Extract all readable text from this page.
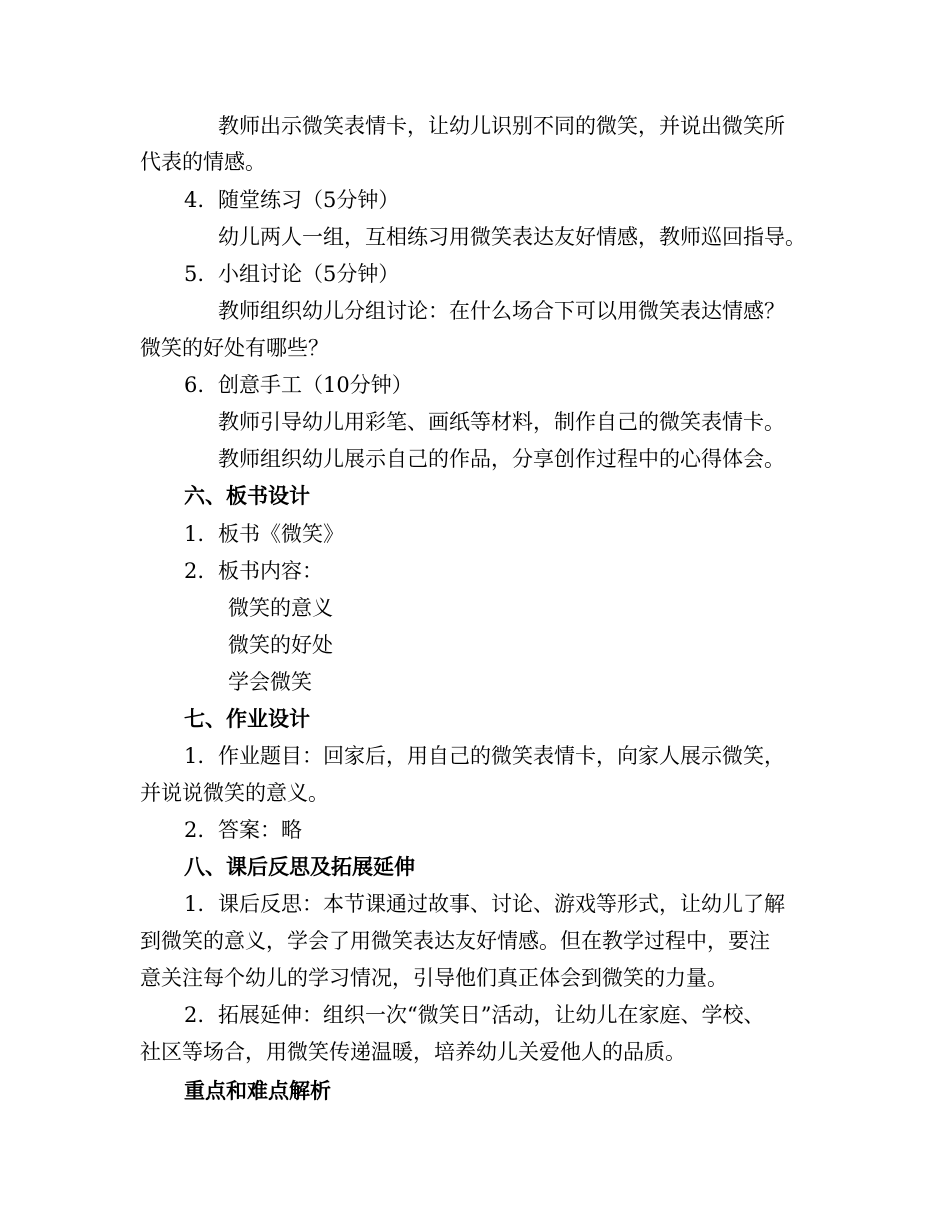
教师出示微笑表情卡，让幼儿识别不同的微笑，并说出微笑所
代表的情感。
4. 随堂练习（5分钟）
幼儿两人一组，互相练习用微笑表达友好情感，教师巡回指导。
5. 小组讨论（5分钟）
教师组织幼儿分组讨论：在什么场合下可以用微笑表达情感？
微笑的好处有哪些？
6. 创意手工（10分钟）
教师引导幼儿用彩笔、画纸等材料，制作自己的微笑表情卡。
教师组织幼儿展示自己的作品，分享创作过程中的心得体会。
六、板书设计
1. 板书《微笑》
2. 板书内容：
微笑的意义
微笑的好处
学会微笑
七、作业设计
1. 作业题目：回家后，用自己的微笑表情卡，向家人展示微笑，
并说说微笑的意义。
2. 答案：略
八、课后反思及拓展延伸
1. 课后反思：本节课通过故事、讨论、游戏等形式，让幼儿了解
到微笑的意义，学会了用微笑表达友好情感。但在教学过程中，要注
意关注每个幼儿的学习情况，引导他们真正体会到微笑的力量。
2. 拓展延伸：组织一次“微笑日”活动，让幼儿在家庭、学校、
社区等场合，用微笑传递温暖，培养幼儿关爱他人的品质。
重点和难点解析
